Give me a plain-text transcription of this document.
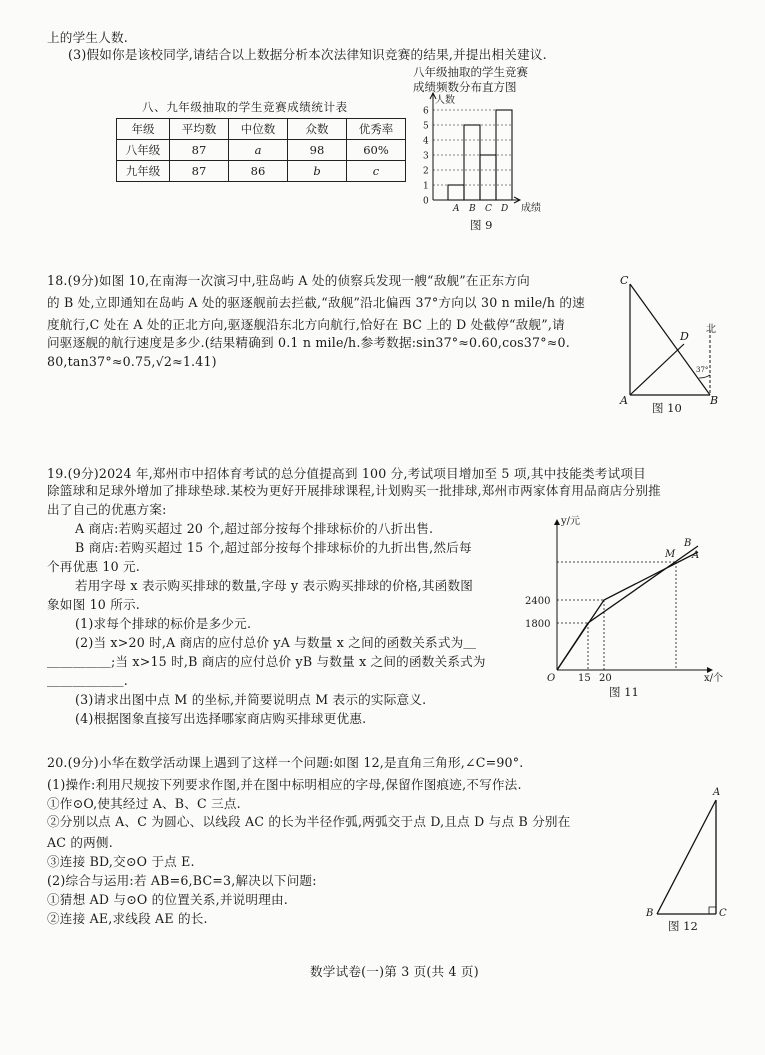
上的学生人数.
(3)假如你是该校同学,请结合以上数据分析本次法律知识竞赛的结果,并提出相关建议.
八、九年级抽取的学生竞赛成绩统计表
年级	平均数	中位数	众数	优秀率
八年级	87	a	98	60%
九年级	87	86	b	c
八年级抽取的学生竞赛
成绩频数分布直方图
人数
成绩
0
1
2
3
4
5
6
A B C D
图 9
18.(9分)如图 10,在南海一次演习中,驻岛屿 A 处的侦察兵发现一艘“敌舰”在正东方向
的 B 处,立即通知在岛屿 A 处的驱逐舰前去拦截,“敌舰”沿北偏西 37°方向以 30 n mile/h 的速
度航行,C 处在 A 处的正北方向,驱逐舰沿东北方向航行,恰好在 BC 上的 D 处截停“敌舰”,请
问驱逐舰的航行速度是多少.(结果精确到 0.1 n mile/h.参考数据:sin37°≈0.60,cos37°≈0.
80,tan37°≈0.75,√2≈1.41)
C
D
A	B
北
37°
图 10
19.(9分)2024 年,郑州市中招体育考试的总分值提高到 100 分,考试项目增加至 5 项,其中技能类考试项目
除篮球和足球外增加了排球垫球.某校为更好开展排球课程,计划购买一批排球,郑州市两家体育用品商店分别推
出了自己的优惠方案:
A 商店:若购买超过 20 个,超过部分按每个排球标价的八折出售.
B 商店:若购买超过 15 个,超过部分按每个排球标价的九折出售,然后每
个再优惠 10 元.
若用字母 x 表示购买排球的数量,字母 y 表示购买排球的价格,其函数图
象如图 10 所示.
(1)求每个排球的标价是多少元.
(2)当 x>20 时,A 商店的应付总价 yA 与数量 x 之间的函数关系式为＿
＿＿＿＿＿;当 x>15 时,B 商店的应付总价 yB 与数量 x 之间的函数关系式为
＿＿＿＿＿＿.
(3)请求出图中点 M 的坐标,并简要说明点 M 表示的实际意义.
(4)根据图象直接写出选择哪家商店购买排球更优惠.
y/元
x/个
O
2400
1800
15 20
M
B
A
图 11
20.(9分)小华在数学活动课上遇到了这样一个问题:如图 12,是直角三角形,∠C=90°.
(1)操作:利用尺规按下列要求作图,并在图中标明相应的字母,保留作图痕迹,不写作法.
①作⊙O,使其经过 A、B、C 三点.
②分别以点 A、C 为圆心、以线段 AC 的长为半径作弧,两弧交于点 D,且点 D 与点 B 分别在
AC 的两侧.
③连接 BD,交⊙O 于点 E.
(2)综合与运用:若 AB=6,BC=3,解决以下问题:
①猜想 AD 与⊙O 的位置关系,并说明理由.
②连接 AE,求线段 AE 的长.
A
B	C
图 12
数学试卷(一)第 3 页(共 4 页)
